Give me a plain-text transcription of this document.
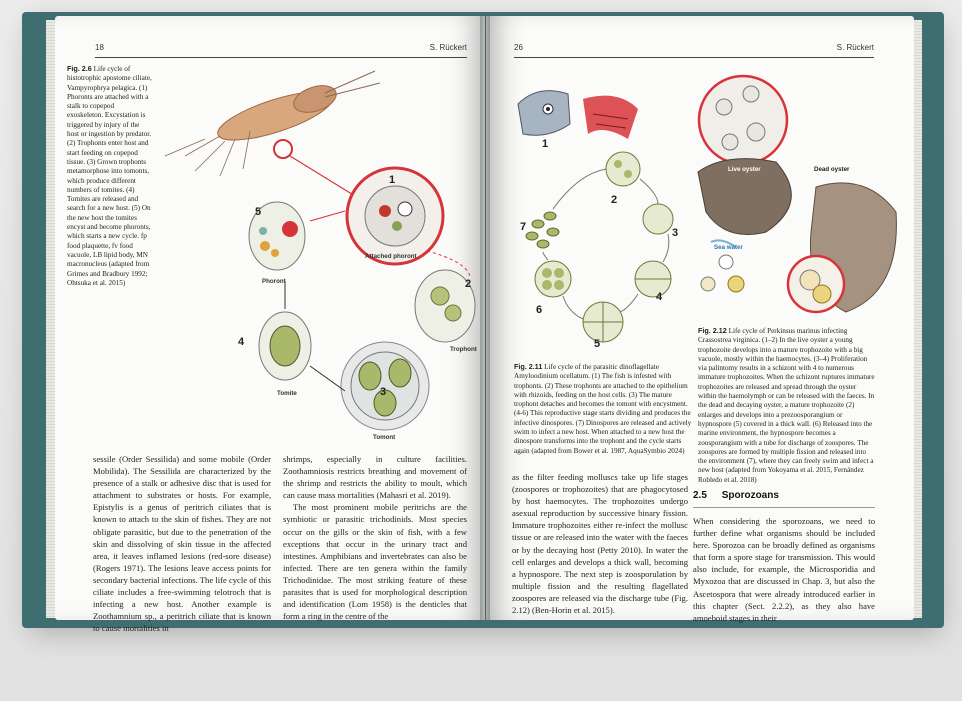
18	S. Rückert
Fig. 2.6 Life cycle of histotrophic apostome ciliate, Vampyrophrya pelagica. (1) Phoronts are attached with a stalk to copepod exoskeleton. Excystation is triggered by injury of the host or ingestion by predator. (2) Trophonts enter host and start feeding on copepod tissue. (3) Grown trophonts metamorphose into tomonts, which produce different numbers of tomites. (4) Tomites are released and search for a new host. (5) On the new host the tomites encyst and become phoronts, which starts a new cycle. fp food plaquette, fv food vacuole, LB lipid body, MN macronucleus (adapted from Grimes and Bradbury 1992; Ohtsuka et al. 2015)
1
2
3
4
5
Attached phoront
Trophont
Tomont
Tomite
Phoront

sessile (Order Sessilida) and some mobile (Order Mobilida). The Sessilida are characterized by the presence of a stalk or adhesive disc that is used for attachment to substrates or hosts. For example, Epistylis is a genus of peritrich ciliates that is known to attach to the skin of fishes. They are not obligate parasitic, but due to the penetration of the skin and dissolving of skin tissue in the affected area, it leaves inflamed lesions (red-sore disease) (Rogers 1971). The lesions leave access points for secondary bacterial infections. The life cycle of this ciliate includes a free-swimming telotroch that is infecting a new host. Another example is Zoothamnium sp., a peritrich ciliate that is known to cause mortalities in

shrimps, especially in culture facilities. Zoothamniosis restricts breathing and movement of the shrimp and restricts the ability to moult, which can cause mass mortalities (Mahasri et al. 2019).

The most prominent mobile peritrichs are the symbiotic or parasitic trichodinids. Most species occur on the gills or the skin of fish, with a few exceptions that occur in the urinary tract and intestines. Amphibians and invertebrates can also be infected. There are ten genera within the family Trichodinidae. The most striking feature of these parasites that is used for morphological description and identification (Lom 1958) is the denticles that form a ring in the centre of the

26	S. Rückert
1
2
3
4
5
6
7
Fig. 2.11 Life cycle of the parasitic dinoflagellate Amyloodinium ocellatum. (1) The fish is infested with trophonts. (2) These trophonts are attached to the epithelium with rhizoids, feeding on the host cells. (3) The mature trophont detaches and becomes the tomont with encystment. (4-6) This reproductive stage starts dividing and produces the infective dinospores. (7) Dinospores are released and actively swim to infect a new host. When attached to a new host the dinospore transforms into the trophont and the cycle starts again (adapted from Bower et al. 1987, AquaSymbio 2024)
Live oyster	Dead oyster
Sea water
Fig. 2.12 Life cycle of Perkinsus marinus infecting Crassostrea virginica. (1–2) In the live oyster a young trophozoite develops into a mature trophozoite with a big vacuole, mostly within the haemocytes. (3–4) Proliferation via palintomy results in a schizont with 4 to numerous immature trophozoites. When the schizont ruptures immature trophozoites are released and spread through the oyster within the haemolymph or can be released with the faeces. In the dead and decaying oyster, a mature trophozoite (2) enlarges and develops into a prezoosporangium or hypnospore (5) covered in a thick wall. (6) Released into the marine environment, the hypnospore becomes a zoosporangium with a tube for discharge of zoospores. The zoospores are formed by multiple fission and released into the environment (7), where they can freely swim and infect a new host (adapted from Yokoyama et al. 2015, Fernández Robledo et al. 2018)

as the filter feeding molluscs take up life stages (zoospores or trophozoites) that are phagocytosed by host haemocytes. The trophozoites undergo asexual reproduction by successive binary fission. Immature trophozoites either re-infect the mollusc tissue or are released into the water with the faeces or by the decaying host (Petty 2010). In water the cell enlarges and develops a thick wall, becoming a hypnospore. The next step is zoosporulation by multiple fission and the resulting flagellated zoospores are released via the discharge tube (Fig. 2.12) (Ben-Horin et al. 2015).

2.5 Sporozoans

When considering the sporozoans, we need to further define what organisms should be included here. Sporozoa can be broadly defined as organisms that form a spore stage for transmission. This would also include, for example, the Microsporidia and Myxozoa that are discussed in Chap. 3, but also the Ascetospora that were already introduced earlier in this chapter (Sect. 2.2.2), as they also have amoeboid stages in their
